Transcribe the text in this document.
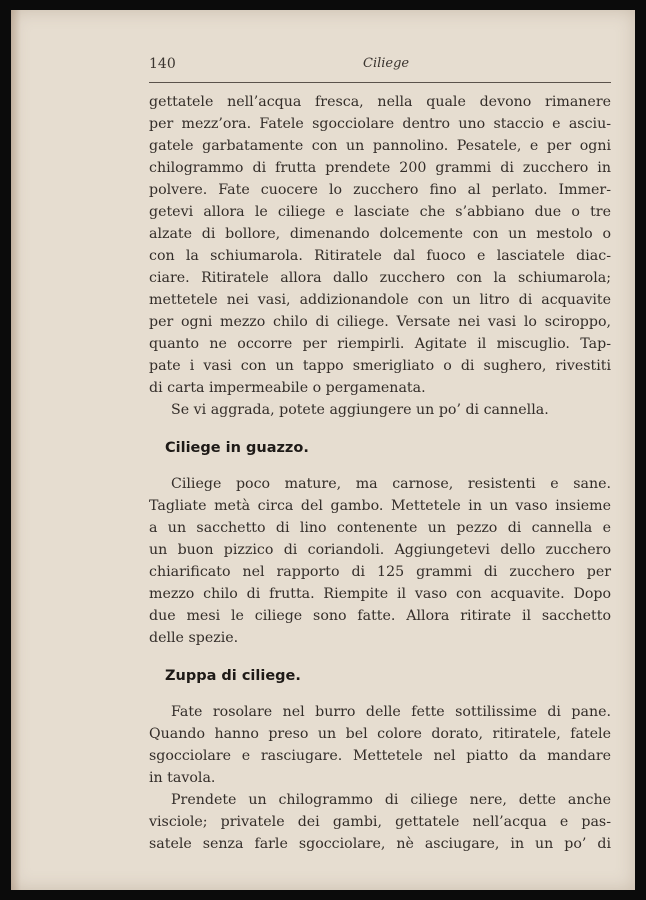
140	Ciliege
gettatele nell’acqua fresca, nella quale devono rimanere
per mezz’ora. Fatele sgocciolare dentro uno staccio e asciu-
gatele garbatamente con un pannolino. Pesatele, e per ogni
chilogrammo di frutta prendete 200 grammi di zucchero in
polvere. Fate cuocere lo zucchero fino al perlato. Immer-
getevi allora le ciliege e lasciate che s’abbiano due o tre
alzate di bollore, dimenando dolcemente con un mestolo o
con la schiumarola. Ritiratele dal fuoco e lasciatele diac-
ciare. Ritiratele allora dallo zucchero con la schiumarola;
mettetele nei vasi, addizionandole con un litro di acquavite
per ogni mezzo chilo di ciliege. Versate nei vasi lo sciroppo,
quanto ne occorre per riempirli. Agitate il miscuglio. Tap-
pate i vasi con un tappo smerigliato o di sughero, rivestiti
di carta impermeabile o pergamenata.
Se vi aggrada, potete aggiungere un po’ di cannella.
Ciliege in guazzo.
Ciliege poco mature, ma carnose, resistenti e sane.
Tagliate metà circa del gambo. Mettetele in un vaso insieme
a un sacchetto di lino contenente un pezzo di cannella e
un buon pizzico di coriandoli. Aggiungetevi dello zucchero
chiarificato nel rapporto di 125 grammi di zucchero per
mezzo chilo di frutta. Riempite il vaso con acquavite. Dopo
due mesi le ciliege sono fatte. Allora ritirate il sacchetto
delle spezie.
Zuppa di ciliege.
Fate rosolare nel burro delle fette sottilissime di pane.
Quando hanno preso un bel colore dorato, ritiratele, fatele
sgocciolare e rasciugare. Mettetele nel piatto da mandare
in tavola.
Prendete un chilogrammo di ciliege nere, dette anche
visciole; privatele dei gambi, gettatele nell’acqua e pas-
satele senza farle sgocciolare, nè asciugare, in un po’ di
